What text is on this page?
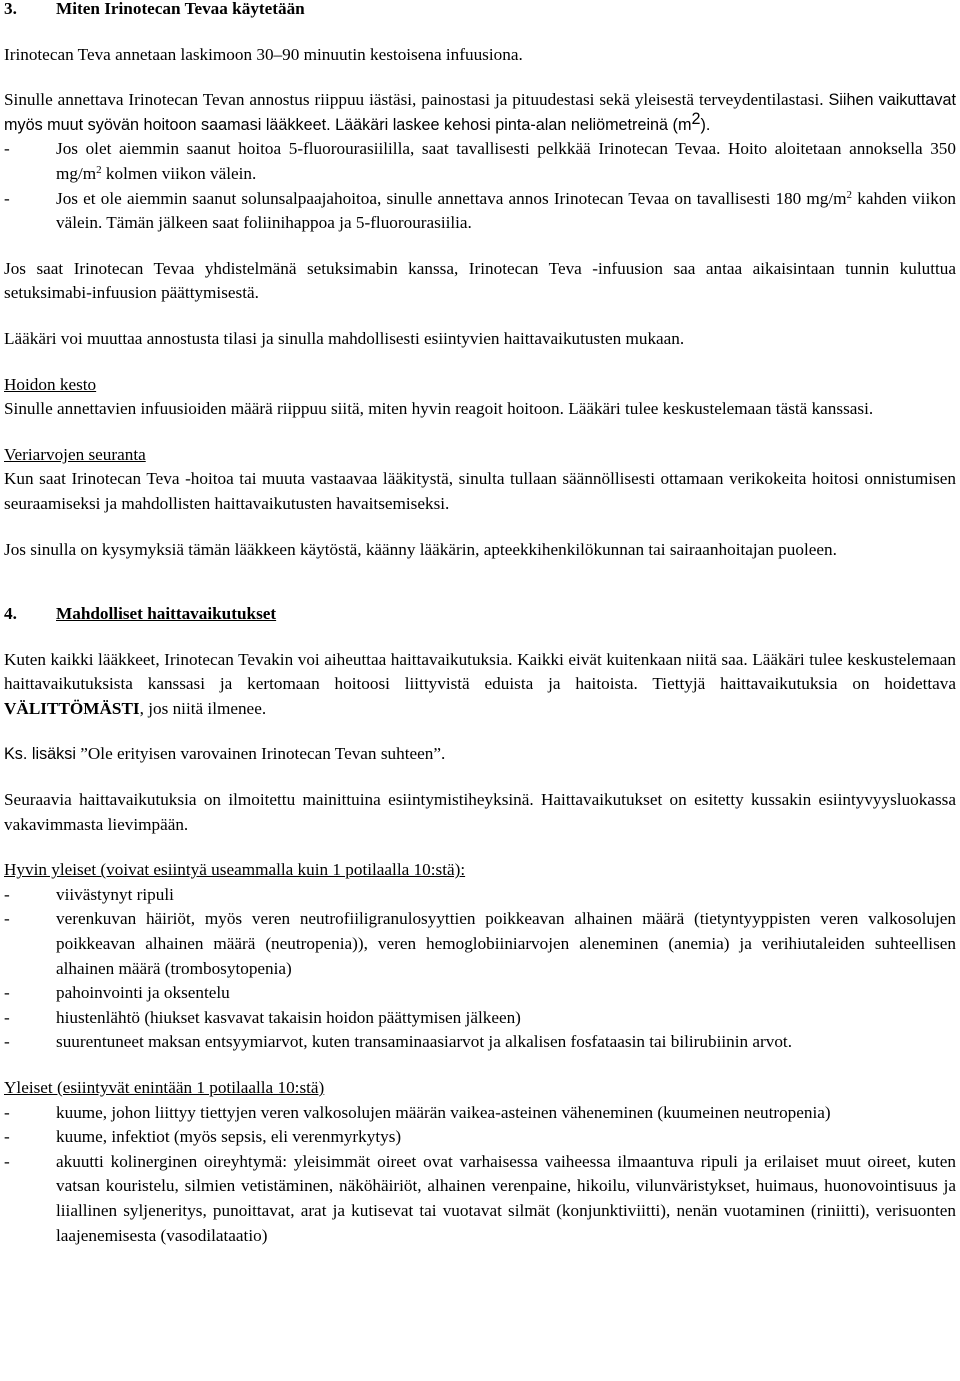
3. Miten Irinotecan Tevaa käytetään

Irinotecan Teva annetaan laskimoon 30–90 minuutin kestoisena infuusiona.

Sinulle annettava Irinotecan Tevan annostus riippuu iästäsi, painostasi ja pituudestasi sekä yleisestä terveydentilastasi. Siihen vaikuttavat myös muut syövän hoitoon saamasi lääkkeet. Lääkäri laskee kehosi pinta-alan neliömetreinä $(m^2)$.

-	Jos olet aiemmin saanut hoitoa 5-fluorourasiililla, saat tavallisesti pelkkää Irinotecan Tevaa. Hoito aloitetaan annoksella 350 $mg/m^2$ kolmen viikon välein.
-	Jos et ole aiemmin saanut solunsalpaajahoitoa, sinulle annettava annos Irinotecan Tevaa on tavallisesti 180 $mg/m^2$ kahden viikon välein. Tämän jälkeen saat foliinihappoa ja 5-fluorourasiilia.

Jos saat Irinotecan Tevaa yhdistelmänä setuksimabin kanssa, Irinotecan Teva -infuusion saa antaa aikaisintaan tunnin kuluttua setuksimabi-infuusion päättymisestä.

Lääkäri voi muuttaa annostusta tilasi ja sinulla mahdollisesti esiintyvien haittavaikutusten mukaan.

Hoidon kesto

Sinulle annettavien infuusioiden määrä riippuu siitä, miten hyvin reagoit hoitoon. Lääkäri tulee keskustelemaan tästä kanssasi.

Veriarvojen seuranta

Kun saat Irinotecan Teva -hoitoa tai muuta vastaavaa lääkitystä, sinulta tullaan säännöllisesti ottamaan verikokeita hoitosi onnistumisen seuraamiseksi ja mahdollisten haittavaikutusten havaitsemiseksi.

Jos sinulla on kysymyksiä tämän lääkkeen käytöstä, käänny lääkärin, apteekkihenkilökunnan tai sairaanhoitajan puoleen.

4. Mahdolliset haittavaikutukset

Kuten kaikki lääkkeet, Irinotecan Tevakin voi aiheuttaa haittavaikutuksia. Kaikki eivät kuitenkaan niitä saa. Lääkäri tulee keskustelemaan haittavaikutuksista kanssasi ja kertomaan hoitoosi liittyvistä eduista ja haitoista. Tiettyjä haittavaikutuksia on hoidettava VÄLITTÖMÄSTI, jos niitä ilmenee.

Ks. lisäksi ”Ole erityisen varovainen Irinotecan Tevan suhteen”.

Seuraavia haittavaikutuksia on ilmoitettu mainittuina esiintymistiheyksinä. Haittavaikutukset on esitetty kussakin esiintyvyysluokassa vakavimmasta lievimpään.

Hyvin yleiset (voivat esiintyä useammalla kuin 1 potilaalla 10:stä):

-	viivästynyt ripuli
-	verenkuvan häiriöt, myös veren neutrofiiligranulosyyttien poikkeavan alhainen määrä (tietyntyyppisten veren valkosolujen poikkeavan alhainen määrä (neutropenia)), veren hemoglobiiniarvojen aleneminen (anemia) ja verihiutaleiden suhteellisen alhainen määrä (trombosytopenia)
-	pahoinvointi ja oksentelu
-	hiustenlähtö (hiukset kasvavat takaisin hoidon päättymisen jälkeen)
-	suurentuneet maksan entsyymiarvot, kuten transaminaasiarvot ja alkalisen fosfataasin tai bilirubiinin arvot.

Yleiset (esiintyvät enintään 1 potilaalla 10:stä)

-	kuume, johon liittyy tiettyjen veren valkosolujen määrän vaikea-asteinen väheneminen (kuumeinen neutropenia)
-	kuume, infektiot (myös sepsis, eli verenmyrkytys)
-	akuutti kolinerginen oireyhtymä: yleisimmät oireet ovat varhaisessa vaiheessa ilmaantuva ripuli ja erilaiset muut oireet, kuten vatsan kouristelu, silmien vetistäminen, näköhäiriöt, alhainen verenpaine, hikoilu, vilunväristykset, huimaus, huonovointisuus ja liiallinen syljeneritys, punoittavat, arat ja kutisevat tai vuotavat silmät (konjunktiviitti), nenän vuotaminen (riniitti), verisuonten laajenemisesta (vasodilataatio)
